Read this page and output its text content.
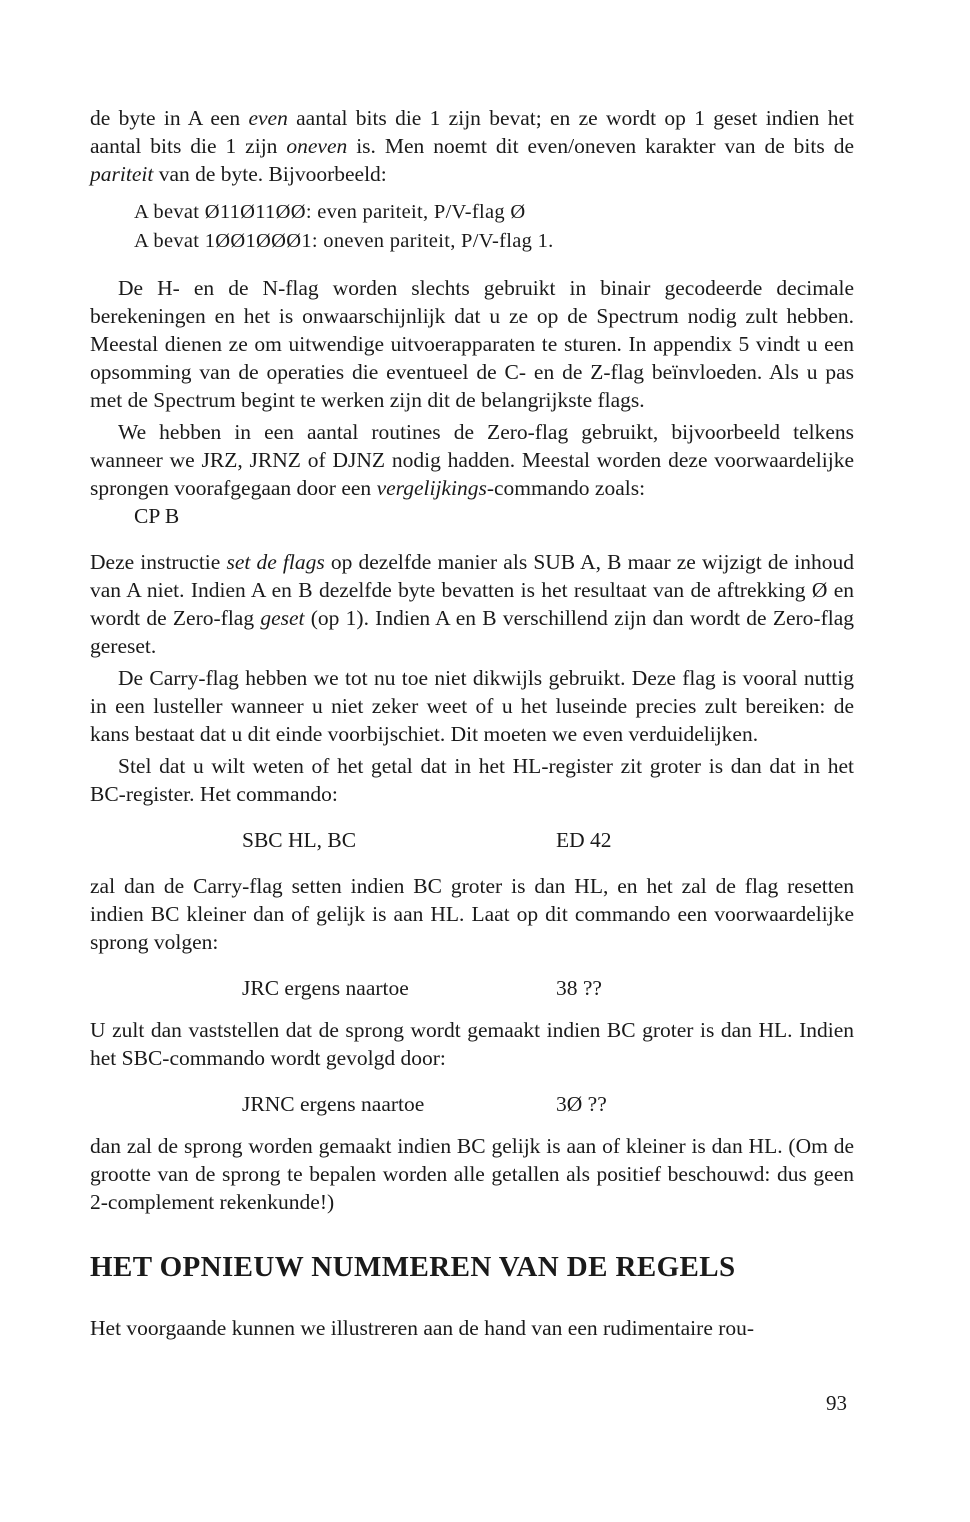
de byte in A een even aantal bits die 1 zijn bevat; en ze wordt op 1 geset indien het aantal bits die 1 zijn oneven is. Men noemt dit even/oneven karakter van de bits de pariteit van de byte. Bijvoorbeeld:

A bevat Ø11Ø11ØØ: even pariteit, P/V-flag Ø
A bevat 1ØØ1ØØØ1: oneven pariteit, P/V-flag 1.

De H- en de N-flag worden slechts gebruikt in binair gecodeerde decimale berekeningen en het is onwaarschijnlijk dat u ze op de Spectrum nodig zult hebben. Meestal dienen ze om uitwendige uitvoerapparaten te sturen. In appendix 5 vindt u een opsomming van de operaties die eventueel de C- en de Z-flag beïnvloeden. Als u pas met de Spectrum begint te werken zijn dit de belangrijkste flags.

We hebben in een aantal routines de Zero-flag gebruikt, bijvoorbeeld telkens wanneer we JRZ, JRNZ of DJNZ nodig hadden. Meestal worden deze voorwaardelijke sprongen voorafgegaan door een vergelijkings-commando zoals:

CP B

Deze instructie set de flags op dezelfde manier als SUB A, B maar ze wijzigt de inhoud van A niet. Indien A en B dezelfde byte bevatten is het resultaat van de aftrekking Ø en wordt de Zero-flag geset (op 1). Indien A en B verschillend zijn dan wordt de Zero-flag gereset.

De Carry-flag hebben we tot nu toe niet dikwijls gebruikt. Deze flag is vooral nuttig in een lusteller wanneer u niet zeker weet of u het luseinde precies zult bereiken: de kans bestaat dat u dit einde voorbijschiet. Dit moeten we even verduidelijken.

Stel dat u wilt weten of het getal dat in het HL-register zit groter is dan dat in het BC-register. Het commando:

SBC HL, BC	ED 42

zal dan de Carry-flag setten indien BC groter is dan HL, en het zal de flag resetten indien BC kleiner dan of gelijk is aan HL. Laat op dit commando een voorwaardelijke sprong volgen:

JRC ergens naartoe	38 ??

U zult dan vaststellen dat de sprong wordt gemaakt indien BC groter is dan HL. Indien het SBC-commando wordt gevolgd door:

JRNC ergens naartoe	3Ø ??

dan zal de sprong worden gemaakt indien BC gelijk is aan of kleiner is dan HL. (Om de grootte van de sprong te bepalen worden alle getallen als positief beschouwd: dus geen 2-complement rekenkunde!)

HET OPNIEUW NUMMEREN VAN DE REGELS

Het voorgaande kunnen we illustreren aan de hand van een rudimentaire rou-

93
